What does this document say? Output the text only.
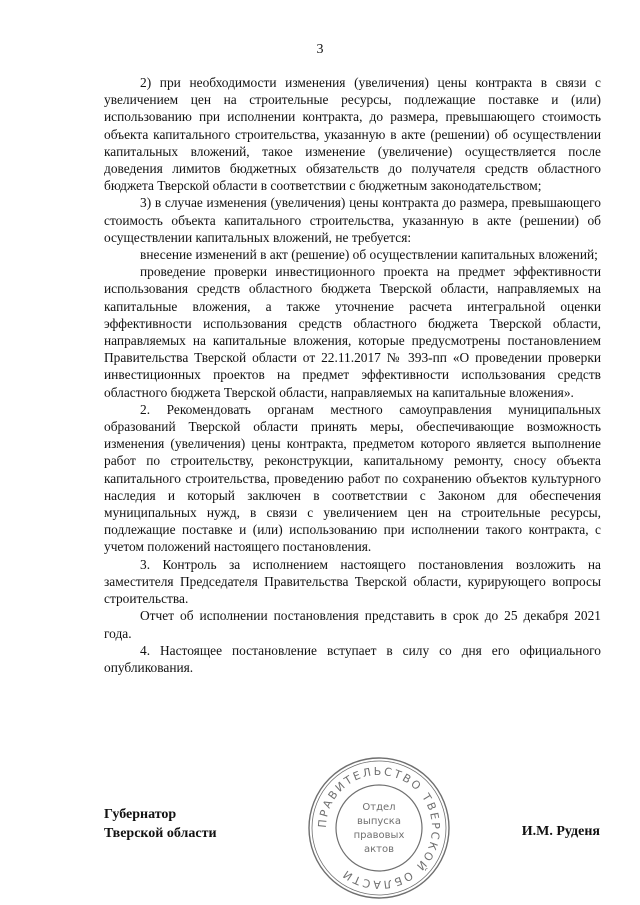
3

2) при необходимости изменения (увеличения) цены контракта в связи с увеличением цен на строительные ресурсы, подлежащие поставке и (или) использованию при исполнении контракта, до размера, превышающего стоимость объекта капитального строительства, указанную в акте (решении) об осуществлении капитальных вложений, такое изменение (увеличение) осуществляется после доведения лимитов бюджетных обязательств до получателя средств областного бюджета Тверской области в соответствии с бюджетным законодательством;

3) в случае изменения (увеличения) цены контракта до размера, превышающего стоимость объекта капитального строительства, указанную в акте (решении) об осуществлении капитальных вложений, не требуется:

внесение изменений в акт (решение) об осуществлении капитальных вложений;

проведение проверки инвестиционного проекта на предмет эффективности использования средств областного бюджета Тверской области, направляемых на капитальные вложения, а также уточнение расчета интегральной оценки эффективности использования средств областного бюджета Тверской области, направляемых на капитальные вложения, которые предусмотрены постановлением Правительства Тверской области от 22.11.2017 № 393-пп «О проведении проверки инвестиционных проектов на предмет эффективности использования средств областного бюджета Тверской области, направляемых на капитальные вложения».

2. Рекомендовать органам местного самоуправления муниципальных образований Тверской области принять меры, обеспечивающие возможность изменения (увеличения) цены контракта, предметом которого является выполнение работ по строительству, реконструкции, капитальному ремонту, сносу объекта капитального строительства, проведению работ по сохранению объектов культурного наследия и который заключен в соответствии с Законом для обеспечения муниципальных нужд, в связи с увеличением цен на строительные ресурсы, подлежащие поставке и (или) использованию при исполнении такого контракта, с учетом положений настоящего постановления.

3. Контроль за исполнением настоящего постановления возложить на заместителя Председателя Правительства Тверской области, курирующего вопросы строительства.

Отчет об исполнении постановления представить в срок до 25 декабря 2021 года.

4. Настоящее постановление вступает в силу со дня его официального опубликования.

Губернатор
Тверской области	И.М. Руденя
ПРАВИТЕЛЬСТВО ТВЕРСКОЙ ОБЛАСТИ
Отдел
выпуска
правовых
актов
